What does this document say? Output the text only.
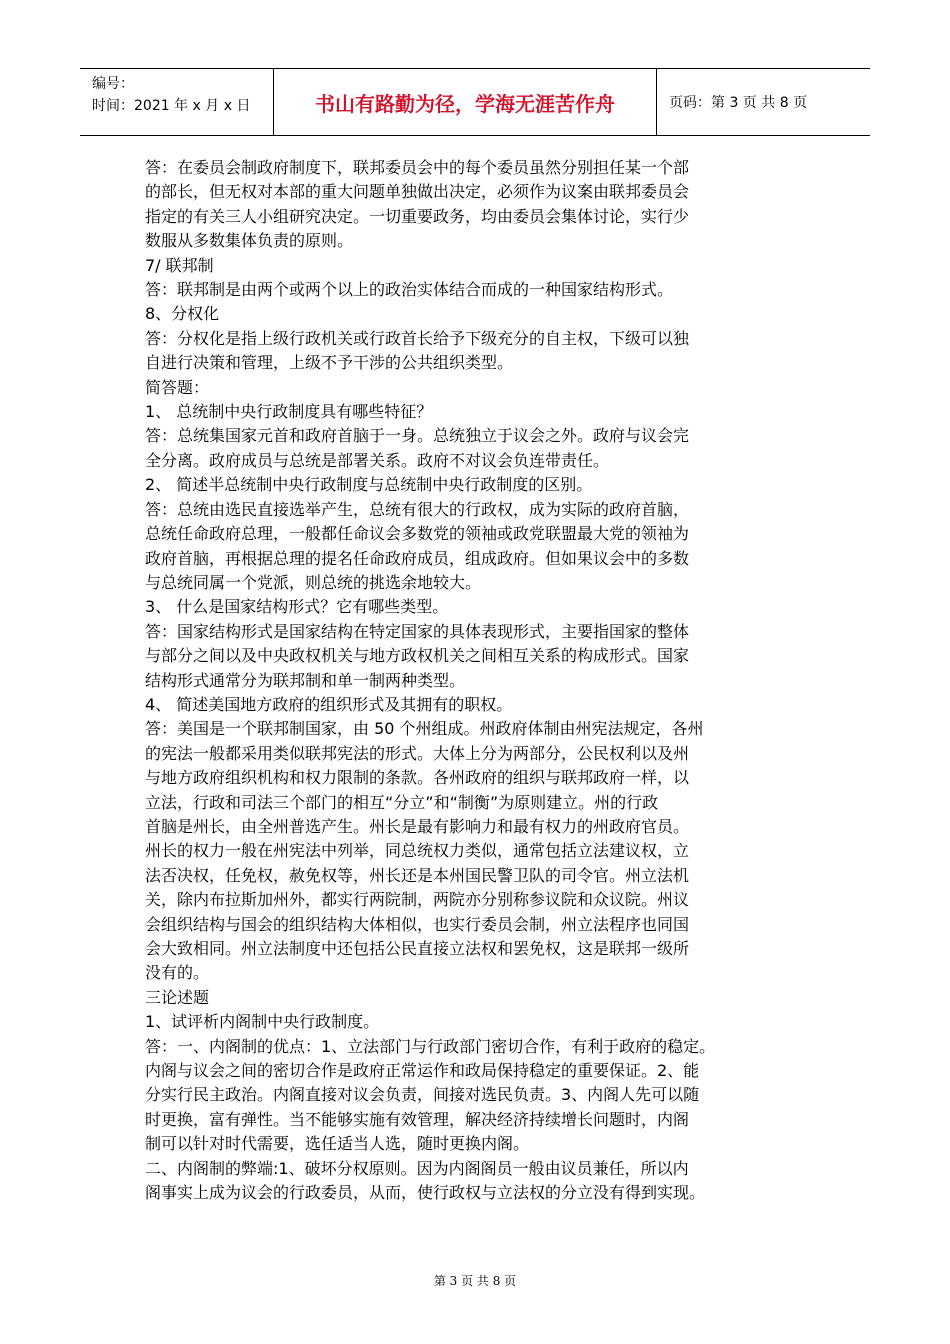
编号：
时间：2021 年 x 月 x 日	书山有路勤为径，学海无涯苦作舟	页码：第 3 页 共 8 页
答：在委员会制政府制度下，联邦委员会中的每个委员虽然分别担任某一个部
的部长，但无权对本部的重大问题单独做出决定，必须作为议案由联邦委员会
指定的有关三人小组研究决定。一切重要政务，均由委员会集体讨论，实行少
数服从多数集体负责的原则。
7/ 联邦制
答：联邦制是由两个或两个以上的政治实体结合而成的一种国家结构形式。
8、分权化
答：分权化是指上级行政机关或行政首长给予下级充分的自主权，下级可以独
自进行决策和管理，上级不予干涉的公共组织类型。
简答题：
1、 总统制中央行政制度具有哪些特征？
答：总统集国家元首和政府首脑于一身。总统独立于议会之外。政府与议会完
全分离。政府成员与总统是部署关系。政府不对议会负连带责任。
2、 简述半总统制中央行政制度与总统制中央行政制度的区别。
答：总统由选民直接选举产生，总统有很大的行政权，成为实际的政府首脑，
总统任命政府总理，一般都任命议会多数党的领袖或政党联盟最大党的领袖为
政府首脑，再根据总理的提名任命政府成员，组成政府。但如果议会中的多数
与总统同属一个党派，则总统的挑选余地较大。
3、 什么是国家结构形式？它有哪些类型。
答：国家结构形式是国家结构在特定国家的具体表现形式，主要指国家的整体
与部分之间以及中央政权机关与地方政权机关之间相互关系的构成形式。国家
结构形式通常分为联邦制和单一制两种类型。
4、 简述美国地方政府的组织形式及其拥有的职权。
答：美国是一个联邦制国家，由 50 个州组成。州政府体制由州宪法规定，各州
的宪法一般都采用类似联邦宪法的形式。大体上分为两部分，公民权利以及州
与地方政府组织机构和权力限制的条款。各州政府的组织与联邦政府一样，以
立法，行政和司法三个部门的相互“分立”和“制衡”为原则建立。州的行政
首脑是州长，由全州普选产生。州长是最有影响力和最有权力的州政府官员。
州长的权力一般在州宪法中列举，同总统权力类似，通常包括立法建议权，立
法否决权，任免权，赦免权等，州长还是本州国民警卫队的司令官。州立法机
关，除内布拉斯加州外，都实行两院制，两院亦分别称参议院和众议院。州议
会组织结构与国会的组织结构大体相似，也实行委员会制，州立法程序也同国
会大致相同。州立法制度中还包括公民直接立法权和罢免权，这是联邦一级所
没有的。
三论述题
1、试评析内阁制中央行政制度。
答：一、内阁制的优点：1、立法部门与行政部门密切合作，有利于政府的稳定。
内阁与议会之间的密切合作是政府正常运作和政局保持稳定的重要保证。2、能
分实行民主政治。内阁直接对议会负责，间接对选民负责。3、内阁人先可以随
时更换，富有弹性。当不能够实施有效管理，解决经济持续增长问题时，内阁
制可以针对时代需要，选任适当人选，随时更换内阁。
二、内阁制的弊端:1、破坏分权原则。因为内阁阁员一般由议员兼任，所以内
阁事实上成为议会的行政委员，从而，使行政权与立法权的分立没有得到实现。
第 3 页 共 8 页
